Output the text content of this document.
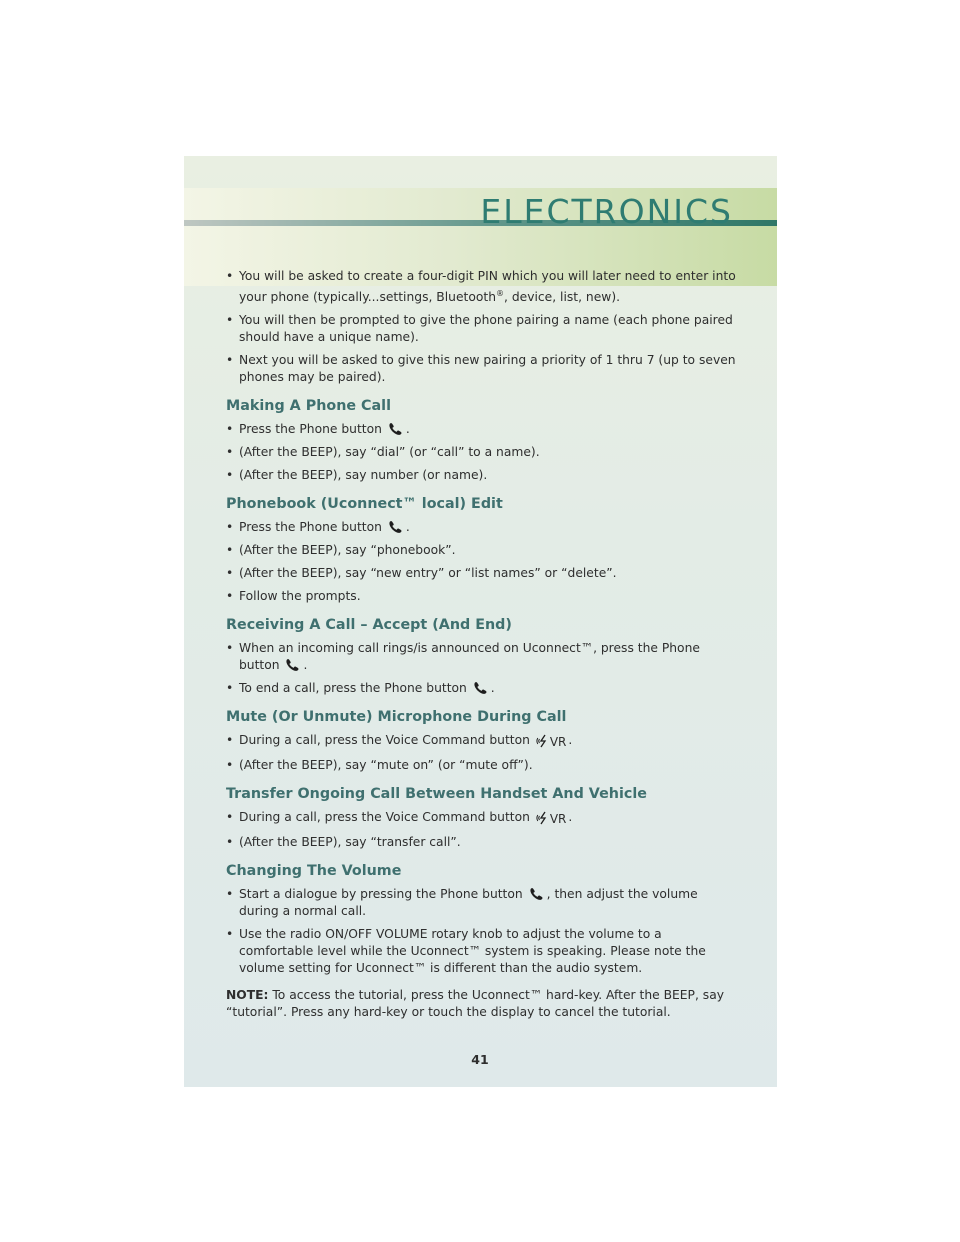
ELECTRONICS
• You will be asked to create a four-digit PIN which you will later need to enter into your phone (typically...settings, Bluetooth®, device, list, new).
• You will then be prompted to give the phone pairing a name (each phone paired should have a unique name).
• Next you will be asked to give this new pairing a priority of 1 thru 7 (up to seven phones may be paired).
Making A Phone Call
• Press the Phone button .
• (After the BEEP), say “dial” (or “call” to a name).
• (After the BEEP), say number (or name).
Phonebook (Uconnect™ local) Edit
• Press the Phone button .
• (After the BEEP), say “phonebook”.
• (After the BEEP), say “new entry” or “list names” or “delete”.
• Follow the prompts.
Receiving A Call – Accept (And End)
• When an incoming call rings/is announced on Uconnect™, press the Phone button .
• To end a call, press the Phone button .
Mute (Or Unmute) Microphone During Call
• During a call, press the Voice Command button VR .
• (After the BEEP), say “mute on” (or “mute off”).
Transfer Ongoing Call Between Handset And Vehicle
• During a call, press the Voice Command button VR .
• (After the BEEP), say “transfer call”.
Changing The Volume
• Start a dialogue by pressing the Phone button , then adjust the volume during a normal call.
• Use the radio ON/OFF VOLUME rotary knob to adjust the volume to a comfortable level while the Uconnect™ system is speaking. Please note the volume setting for Uconnect™ is different than the audio system.
NOTE: To access the tutorial, press the Uconnect™ hard-key. After the BEEP, say “tutorial”. Press any hard-key or touch the display to cancel the tutorial.
41
